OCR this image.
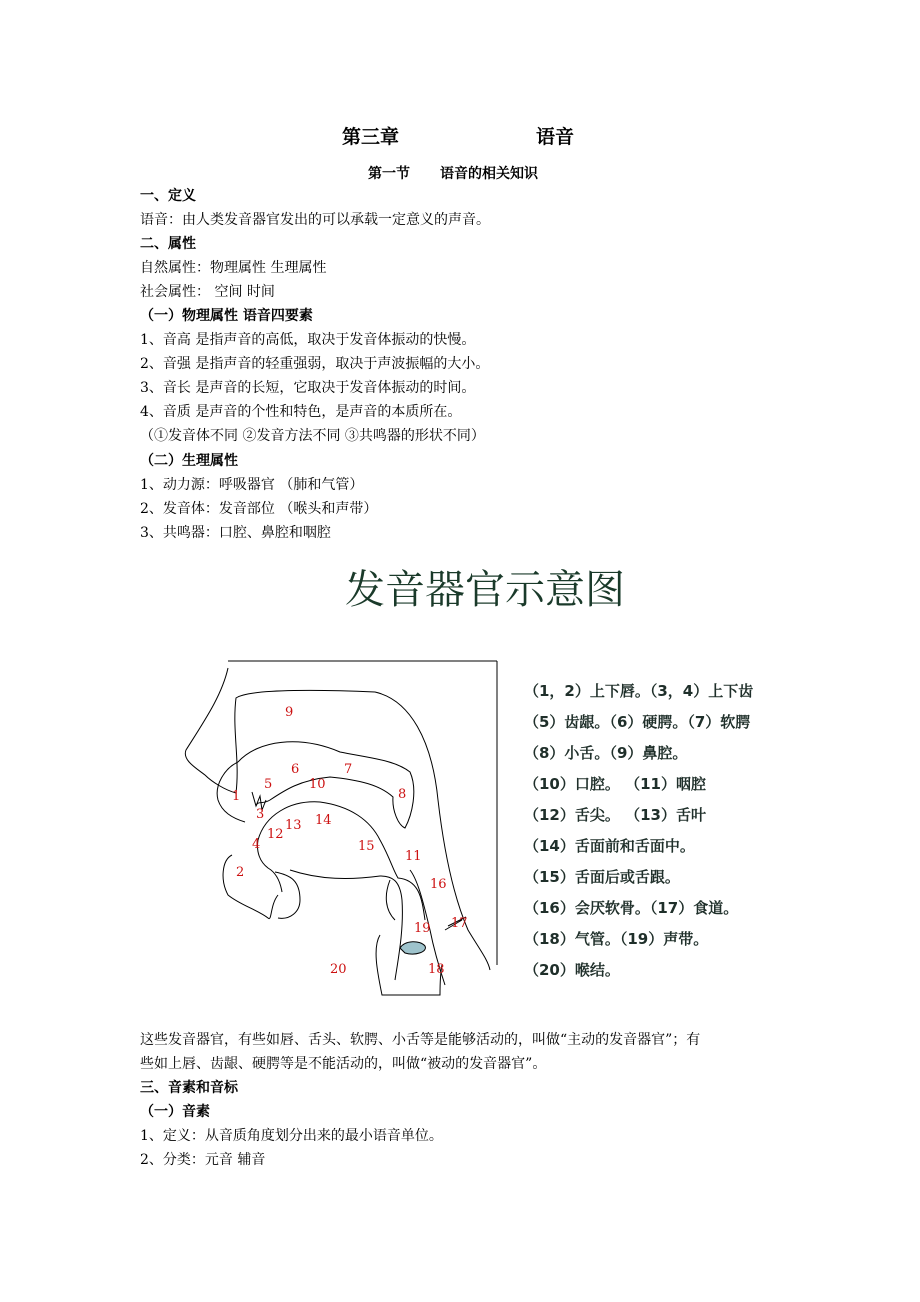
第三章	语音
第一节 语音的相关知识
一、定义
语音：由人类发音器官发出的可以承载一定意义的声音。
二、属性
自然属性：物理属性 生理属性
社会属性： 空间 时间
（一）物理属性 语音四要素
1、音高 是指声音的高低，取决于发音体振动的快慢。
2、音强 是指声音的轻重强弱，取决于声波振幅的大小。
3、音长 是声音的长短，它取决于发音体振动的时间。
4、音质 是声音的个性和特色，是声音的本质所在。
（①发音体不同 ②发音方法不同 ③共鸣器的形状不同）
（二）生理属性
1、动力源：呼吸器官 （肺和气管）
2、发音体：发音部位 （喉头和声带）
3、共鸣器：口腔、鼻腔和咽腔
发音器官示意图
1
2
3
4
5
6	7
8
9
10
11
12
13 14
15
16
17
18
19
20
（1，2）上下唇。（3，4）上下齿
（5）齿龈。（6）硬腭。（7）软腭
（8）小舌。（9）鼻腔。
（10）口腔。 （11）咽腔
（12）舌尖。 （13）舌叶
（14）舌面前和舌面中。
（15）舌面后或舌跟。
（16）会厌软骨。（17）食道。
（18）气管。（19）声带。
（20）喉结。
这些发音器官，有些如唇、舌头、软腭、小舌等是能够活动的，叫做“主动的发音器官”；有
些如上唇、齿龈、硬腭等是不能活动的，叫做“被动的发音器官”。
三、音素和音标
（一）音素
1、定义：从音质角度划分出来的最小语音单位。
2、分类：元音 辅音
